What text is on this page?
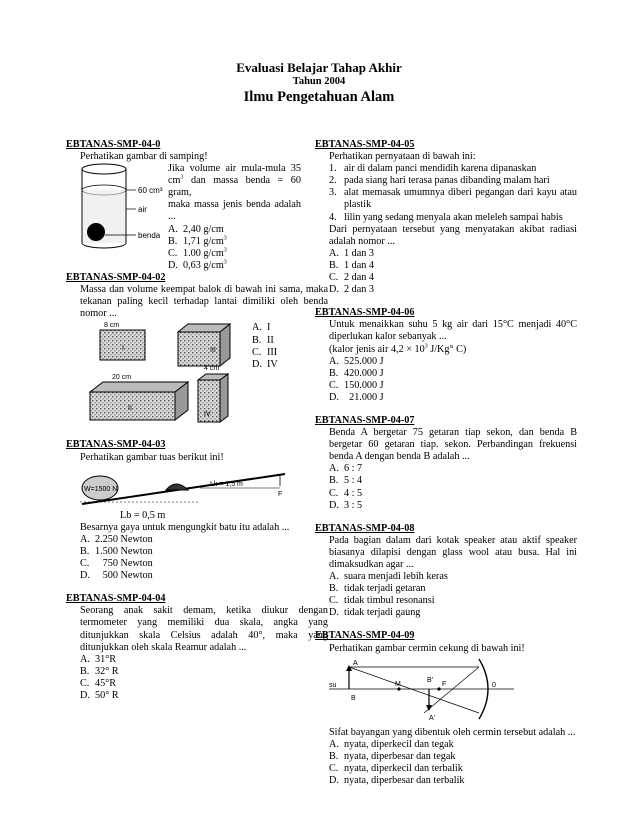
Evaluasi Belajar Tahap Akhir
Tahun 2004
Ilmu Pengetahuan Alam
EBTANAS-SMP-04-0
Perhatikan gambar di samping!
60 cm³
air
benda
Jika volume air mula-mula 35
$cm^3$ dan massa benda = 60 gram,
maka massa jenis benda adalah
...
A. 2,40 g/cm
B. 1,71 $g/cm^3$
C. 1.00 $g/cm^3$
D. 0,63 $g/cm^3$
EBTANAS-SMP-04-02
Massa dan volume keempat balok di bawah ini sama, maka tekanan paling kecil terhadap lantai dimiliki oleh benda nomor ...
8 cm
I
20 cm
II
III
4 cm
IV
A. I
B. II
C. III
D. IV
EBTANAS-SMP-04-03
Perhatikan gambar tuas berikut ini!
W=1500 N
Lk = 1,5 m
F
Lb = 0,5 m
Besarnya gaya untuk mengungkit batu itu adalah ...
A. 2.250 Newton
B. 1.500 Newton
C. 750 Newton
D. 500 Newton
EBTANAS-SMP-04-04
Seorang anak sakit demam, ketika diukur dengan termometer yang memiliki dua skala, angka yang ditunjukkan skala Celsius adalah 40°, maka yang ditunjukkan oleh skala Reamur adalah ...
A. 31°R
B. 32° R
C. 45°R
D. 50° R
EBTANAS-SMP-04-05
Perhatikan pernyataan di bawah ini:
1. air di dalam panci mendidih karena dipanaskan
2. pada siang hari terasa panas dibanding malam hari
3. alat memasak umumnya diberi pegangan dari kayu atau plastik
4. lilin yang sedang menyala akan meleleh sampai habis
Dari pernyataan tersebut yang menyatakan akibat radiasi adalah nomor ...
A. 1 dan 3
B. 1 dan 4
C. 2 dan 4
D. 2 dan 3
EBTANAS-SMP-04-06
Untuk menaikkan suhu 5 kg air dari 15°C menjadi 40°C diperlukan kalor sebanyak ...
(kalor jenis air $4,2 \times 10^3$ J/Kg° C)
A. 525.000 J
B. 420.000 J
C. 150.000 J
D. 21.000 J
EBTANAS-SMP-04-07
Benda A bergetar 75 getaran tiap sekon, dan benda B bergetar 60 getaran tiap. sekon. Perbandingan frekuensi benda A dengan benda B adalah ...
A. 6 : 7
B. 5 : 4
C. 4 : 5
D. 3 : 5
EBTANAS-SMP-04-08
Pada bagian dalam dari kotak speaker atau aktif speaker biasanya dilapisi dengan glass wool atau busa. Hal ini dimaksudkan agar ...
A. suara menjadi lebih keras
B. tidak terjadi getaran
C. tidak timbul resonansi
D. tidak terjadi gaung
EBTANAS-SMP-04-09
Perhatikan gambar cermin cekung di bawah ini!
A
su
B
M
B'
F	0
A'
Sifat bayangan yang dibentuk oleh cermin tersebut adalah ...
A. nyata, diperkecil dan tegak
B. nyata, diperbesar dan tegak
C. nyata, diperkecil dan terbalik
D. nyata, diperbesar dan terbalik
